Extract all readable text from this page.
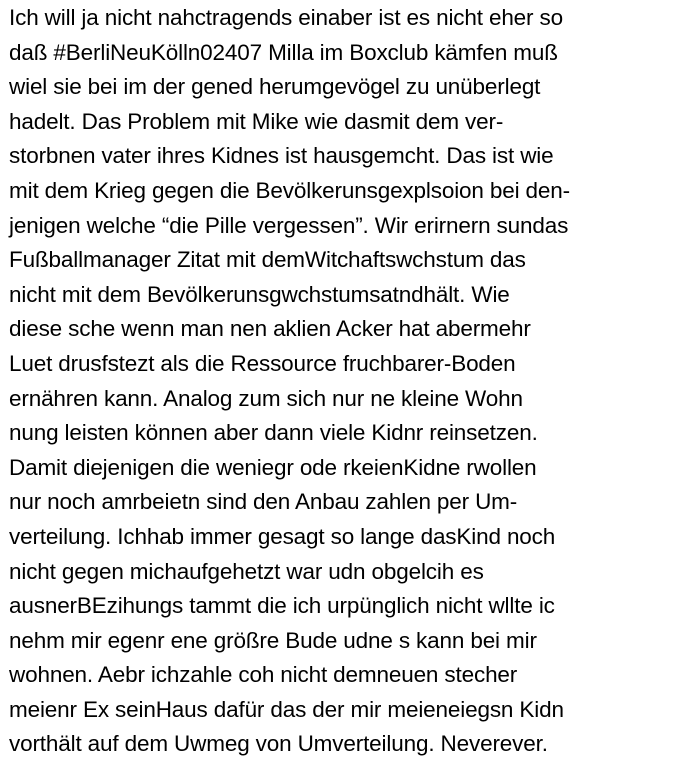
Ich will ja nicht nahctragends einaber ist es nicht eher so
daß #BerliNeuKölln02407 Milla im Boxclub kämfen muß
wiel sie bei im der gened herumgevögel zu unüberlegt
hadelt. Das Problem mit Mike wie dasmit dem ver-
storbnen vater ihres Kidnes ist hausgemcht. Das ist wie
mit dem Krieg gegen die Bevölkerunsgexplsoion bei den-
jenigen welche “die Pille vergessen”. Wir erirnern sundas
Fußballmanager Zitat mit demWitchaftswchstum das
nicht mit dem Bevölkerunsgwchstumsatndhält. Wie
diese sche wenn man nen aklien Acker hat abermehr
Luet drusfstezt als die Ressource fruchbarer-Boden
ernähren kann. Analog zum sich nur ne kleine Wohn
nung leisten können aber dann viele Kidnr reinsetzen.
Damit diejenigen die weniegr ode rkeienKidne rwollen
nur noch amrbeietn sind den Anbau zahlen per Um-
verteilung. Ichhab immer gesagt so lange dasKind noch
nicht gegen michaufgehetzt war udn obgelcih es
ausnerBEzihungs tammt die ich urpünglich nicht wllte ic
nehm mir egenr ene größre Bude udne s kann bei mir
wohnen. Aebr ichzahle coh nicht demneuen stecher
meienr Ex seinHaus dafür das der mir meieneiegsn Kidn
vorthält auf dem Uwmeg von Umverteilung. Neverever.
